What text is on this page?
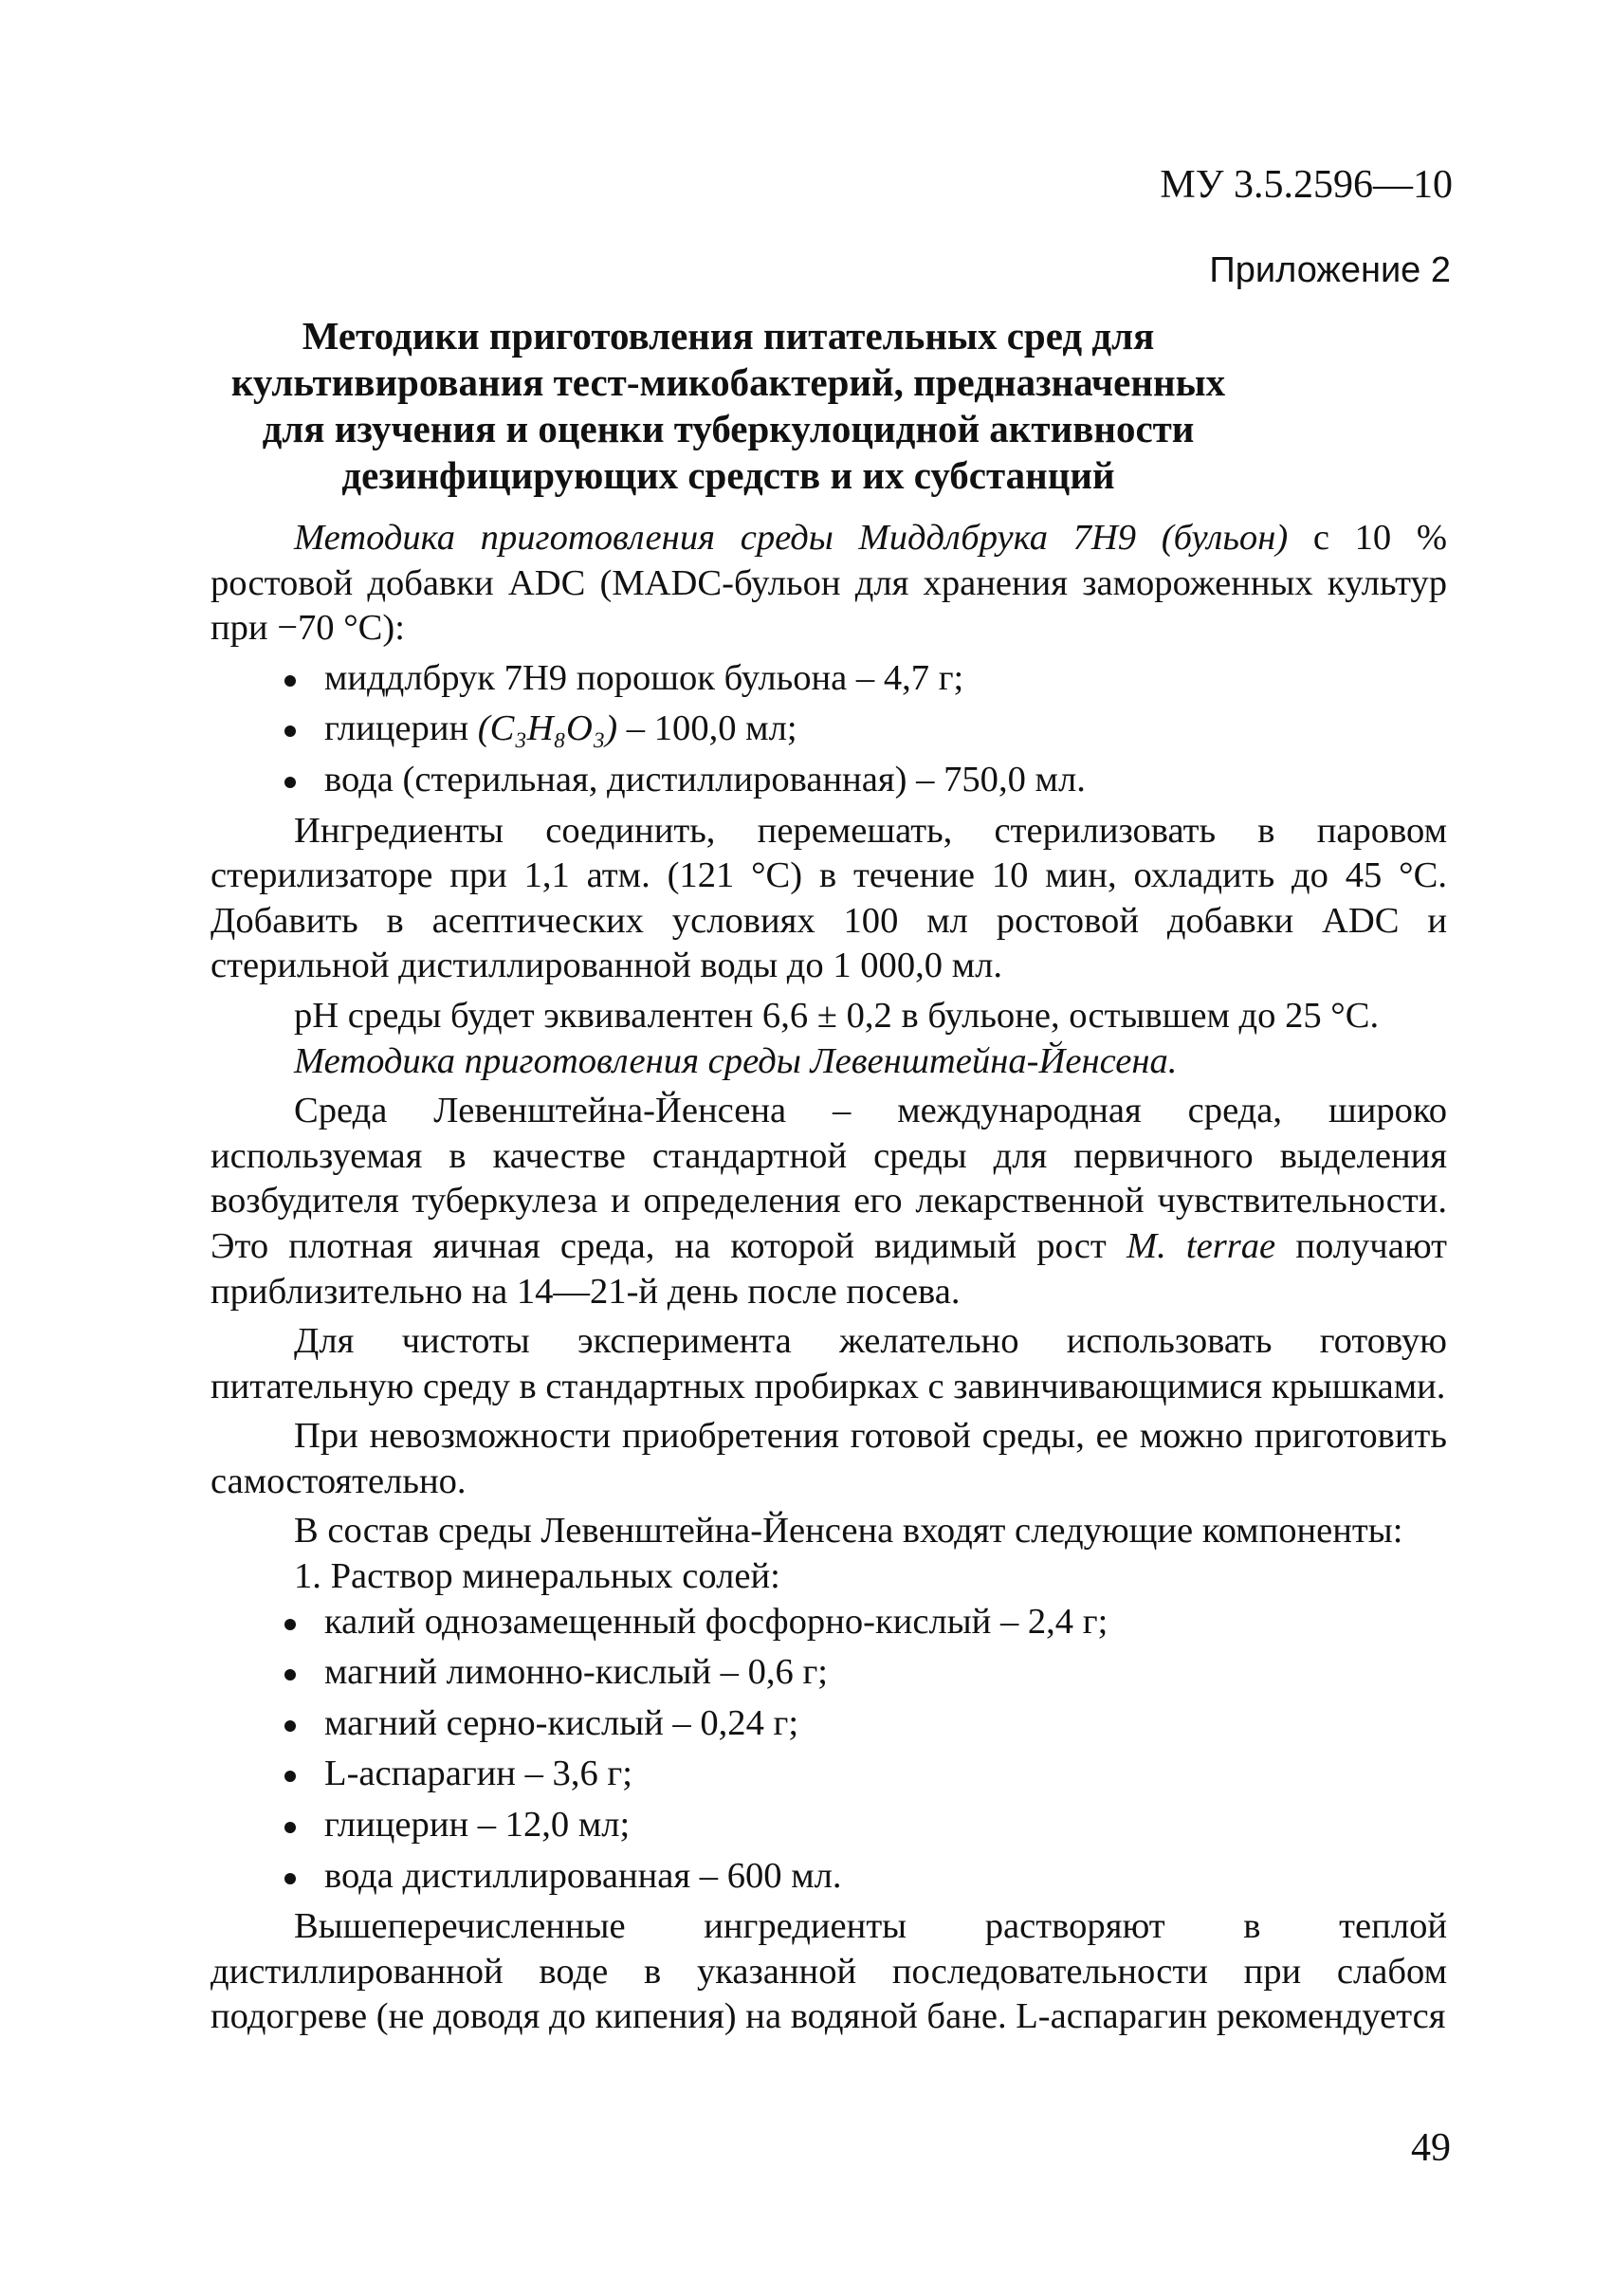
МУ 3.5.2596—10
Приложение 2
Методики приготовления питательных сред для
культивирования тест-микобактерий, предназначенных
для изучения и оценки туберкулоцидной активности
дезинфицирующих средств и их субстанций

Методика приготовления среды Миддлбрука 7Н9 (бульон) с 10 % ростовой добавки ADC (MADC-бульон для хранения замороженных культур при −70 °С):

миддлбрук 7Н9 порошок бульона – 4,7 г;
глицерин (C₃H₈O₃) – 100,0 мл;
вода (стерильная, дистиллированная) – 750,0 мл.

Ингредиенты соединить, перемешать, стерилизовать в паровом стерилизаторе при 1,1 атм. (121 °С) в течение 10 мин, охладить до 45 °С. Добавить в асептических условиях 100 мл ростовой добавки ADC и стерильной дистиллированной воды до 1 000,0 мл.

рН среды будет эквивалентен 6,6 ± 0,2 в бульоне, остывшем до 25 °С.

Методика приготовления среды Левенштейна-Йенсена.

Среда Левенштейна-Йенсена – международная среда, широко используемая в качестве стандартной среды для первичного выделения возбудителя туберкулеза и определения его лекарственной чувствительности. Это плотная яичная среда, на которой видимый рост M. terrae получают приблизительно на 14—21-й день после посева.

Для чистоты эксперимента желательно использовать готовую питательную среду в стандартных пробирках с завинчивающимися крышками.

При невозможности приобретения готовой среды, ее можно приготовить самостоятельно.

В состав среды Левенштейна-Йенсена входят следующие компоненты:

1. Раствор минеральных солей:

калий однозамещенный фосфорно-кислый – 2,4 г;
магний лимонно-кислый – 0,6 г;
магний серно-кислый – 0,24 г;
L-аспарагин – 3,6 г;
глицерин – 12,0 мл;
вода дистиллированная – 600 мл.

Вышеперечисленные ингредиенты растворяют в теплой дистиллированной воде в указанной последовательности при слабом подогреве (не доводя до кипения) на водяной бане. L-аспарагин рекомендуется

49
